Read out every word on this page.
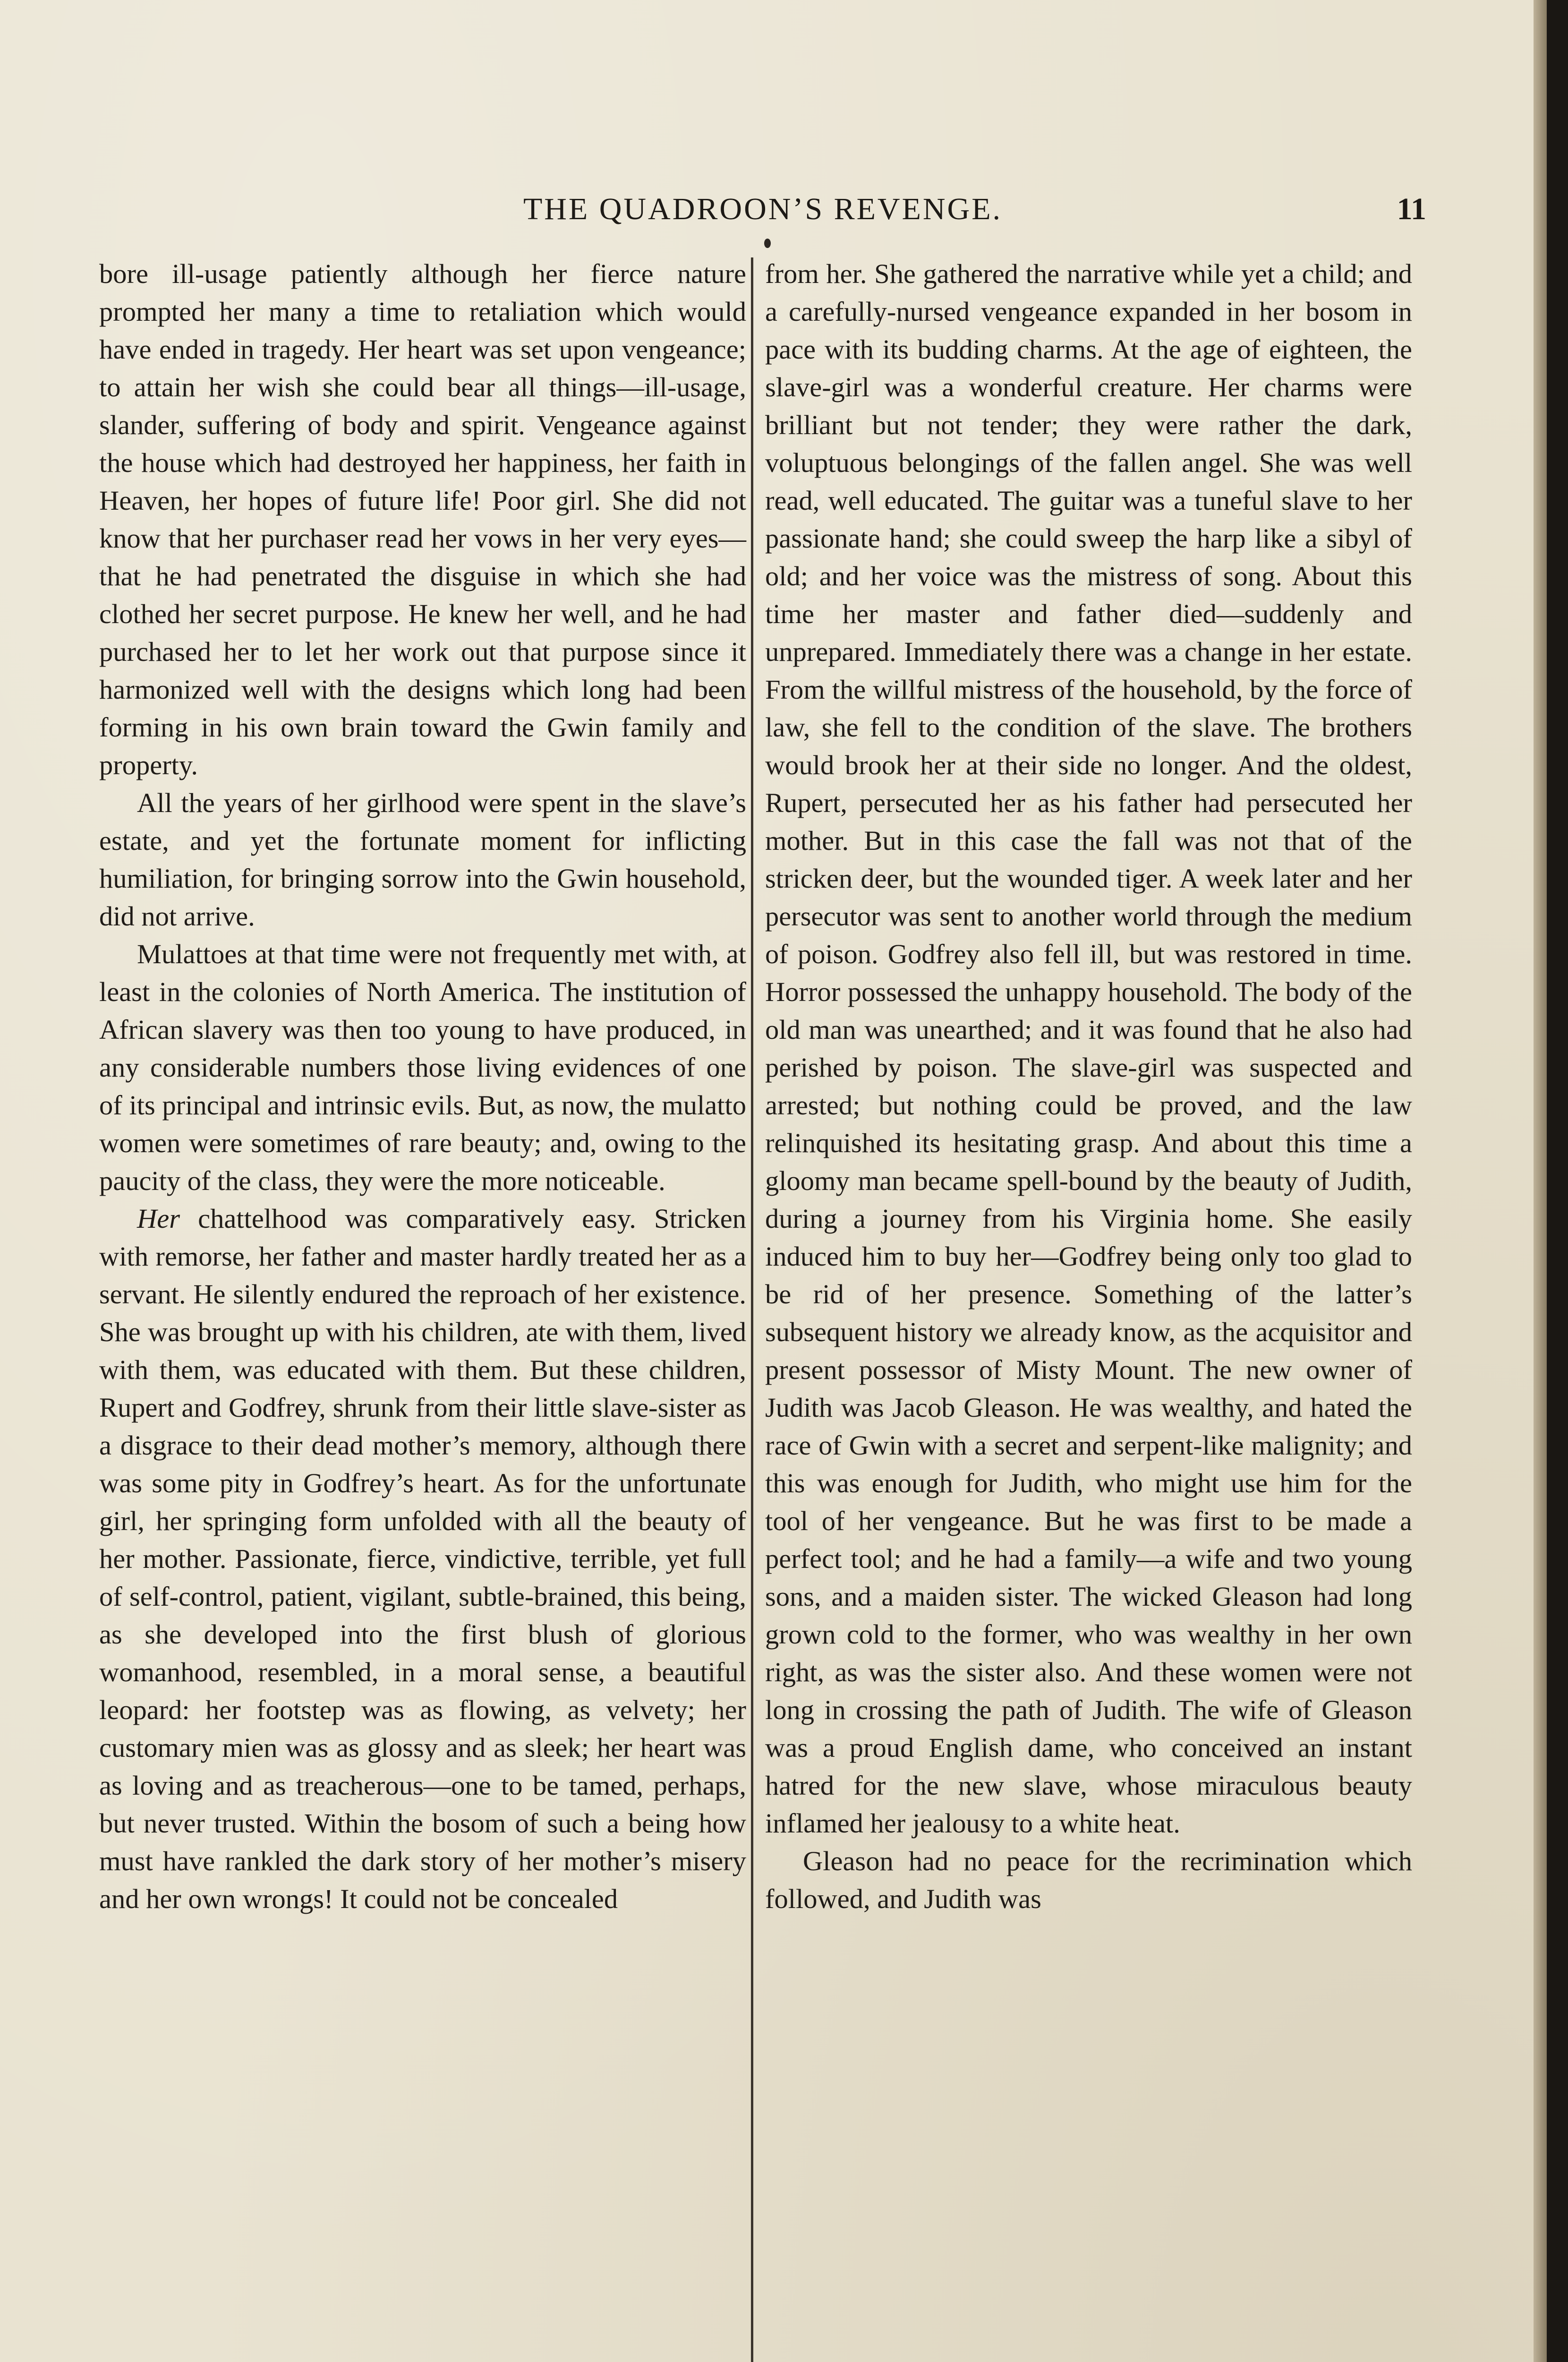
THE QUADROON’S REVENGE.	11

bore ill-usage patiently although her fierce nature prompted her many a time to retaliation which would have ended in tragedy. Her heart was set upon vengeance; to attain her wish she could bear all things—ill-usage, slander, suffering of body and spirit. Vengeance against the house which had destroyed her happiness, her faith in Heaven, her hopes of future life! Poor girl. She did not know that her purchaser read her vows in her very eyes—that he had penetrated the disguise in which she had clothed her secret purpose. He knew her well, and he had purchased her to let her work out that purpose since it harmonized well with the designs which long had been forming in his own brain toward the Gwin family and property.

All the years of her girlhood were spent in the slave’s estate, and yet the fortunate moment for inflicting humiliation, for bringing sorrow into the Gwin household, did not arrive.

Mulattoes at that time were not frequently met with, at least in the colonies of North America. The institution of African slavery was then too young to have produced, in any considerable numbers those living evidences of one of its principal and intrinsic evils. But, as now, the mulatto women were sometimes of rare beauty; and, owing to the paucity of the class, they were the more noticeable.

Her chattelhood was comparatively easy. Stricken with remorse, her father and master hardly treated her as a servant. He silently endured the reproach of her existence. She was brought up with his children, ate with them, lived with them, was educated with them. But these children, Rupert and Godfrey, shrunk from their little slave-sister as a disgrace to their dead mother’s memory, although there was some pity in Godfrey’s heart. As for the unfortunate girl, her springing form unfolded with all the beauty of her mother. Passionate, fierce, vindictive, terrible, yet full of self-control, patient, vigilant, subtle-brained, this being, as she developed into the first blush of glorious womanhood, resembled, in a moral sense, a beautiful leopard: her footstep was as flowing, as velvety; her customary mien was as glossy and as sleek; her heart was as loving and as treacherous—one to be tamed, perhaps, but never trusted. Within the bosom of such a being how must have rankled the dark story of her mother’s misery and her own wrongs! It could not be concealed

from her. She gathered the narrative while yet a child; and a carefully-nursed vengeance expanded in her bosom in pace with its budding charms. At the age of eighteen, the slave-girl was a wonderful creature. Her charms were brilliant but not tender; they were rather the dark, voluptuous belongings of the fallen angel. She was well read, well educated. The guitar was a tuneful slave to her passionate hand; she could sweep the harp like a sibyl of old; and her voice was the mistress of song. About this time her master and father died—suddenly and unprepared. Immediately there was a change in her estate. From the willful mistress of the household, by the force of law, she fell to the condition of the slave. The brothers would brook her at their side no longer. And the oldest, Rupert, persecuted her as his father had persecuted her mother. But in this case the fall was not that of the stricken deer, but the wounded tiger. A week later and her persecutor was sent to another world through the medium of poison. Godfrey also fell ill, but was restored in time. Horror possessed the unhappy household. The body of the old man was unearthed; and it was found that he also had perished by poison. The slave-girl was suspected and arrested; but nothing could be proved, and the law relinquished its hesitating grasp. And about this time a gloomy man became spell-bound by the beauty of Judith, during a journey from his Virginia home. She easily induced him to buy her—Godfrey being only too glad to be rid of her presence. Something of the latter’s subsequent history we already know, as the acquisitor and present possessor of Misty Mount. The new owner of Judith was Jacob Gleason. He was wealthy, and hated the race of Gwin with a secret and serpent-like malignity; and this was enough for Judith, who might use him for the tool of her vengeance. But he was first to be made a perfect tool; and he had a family—a wife and two young sons, and a maiden sister. The wicked Gleason had long grown cold to the former, who was wealthy in her own right, as was the sister also. And these women were not long in crossing the path of Judith. The wife of Gleason was a proud English dame, who conceived an instant hatred for the new slave, whose miraculous beauty inflamed her jealousy to a white heat.

Gleason had no peace for the recrimination which followed, and Judith was
